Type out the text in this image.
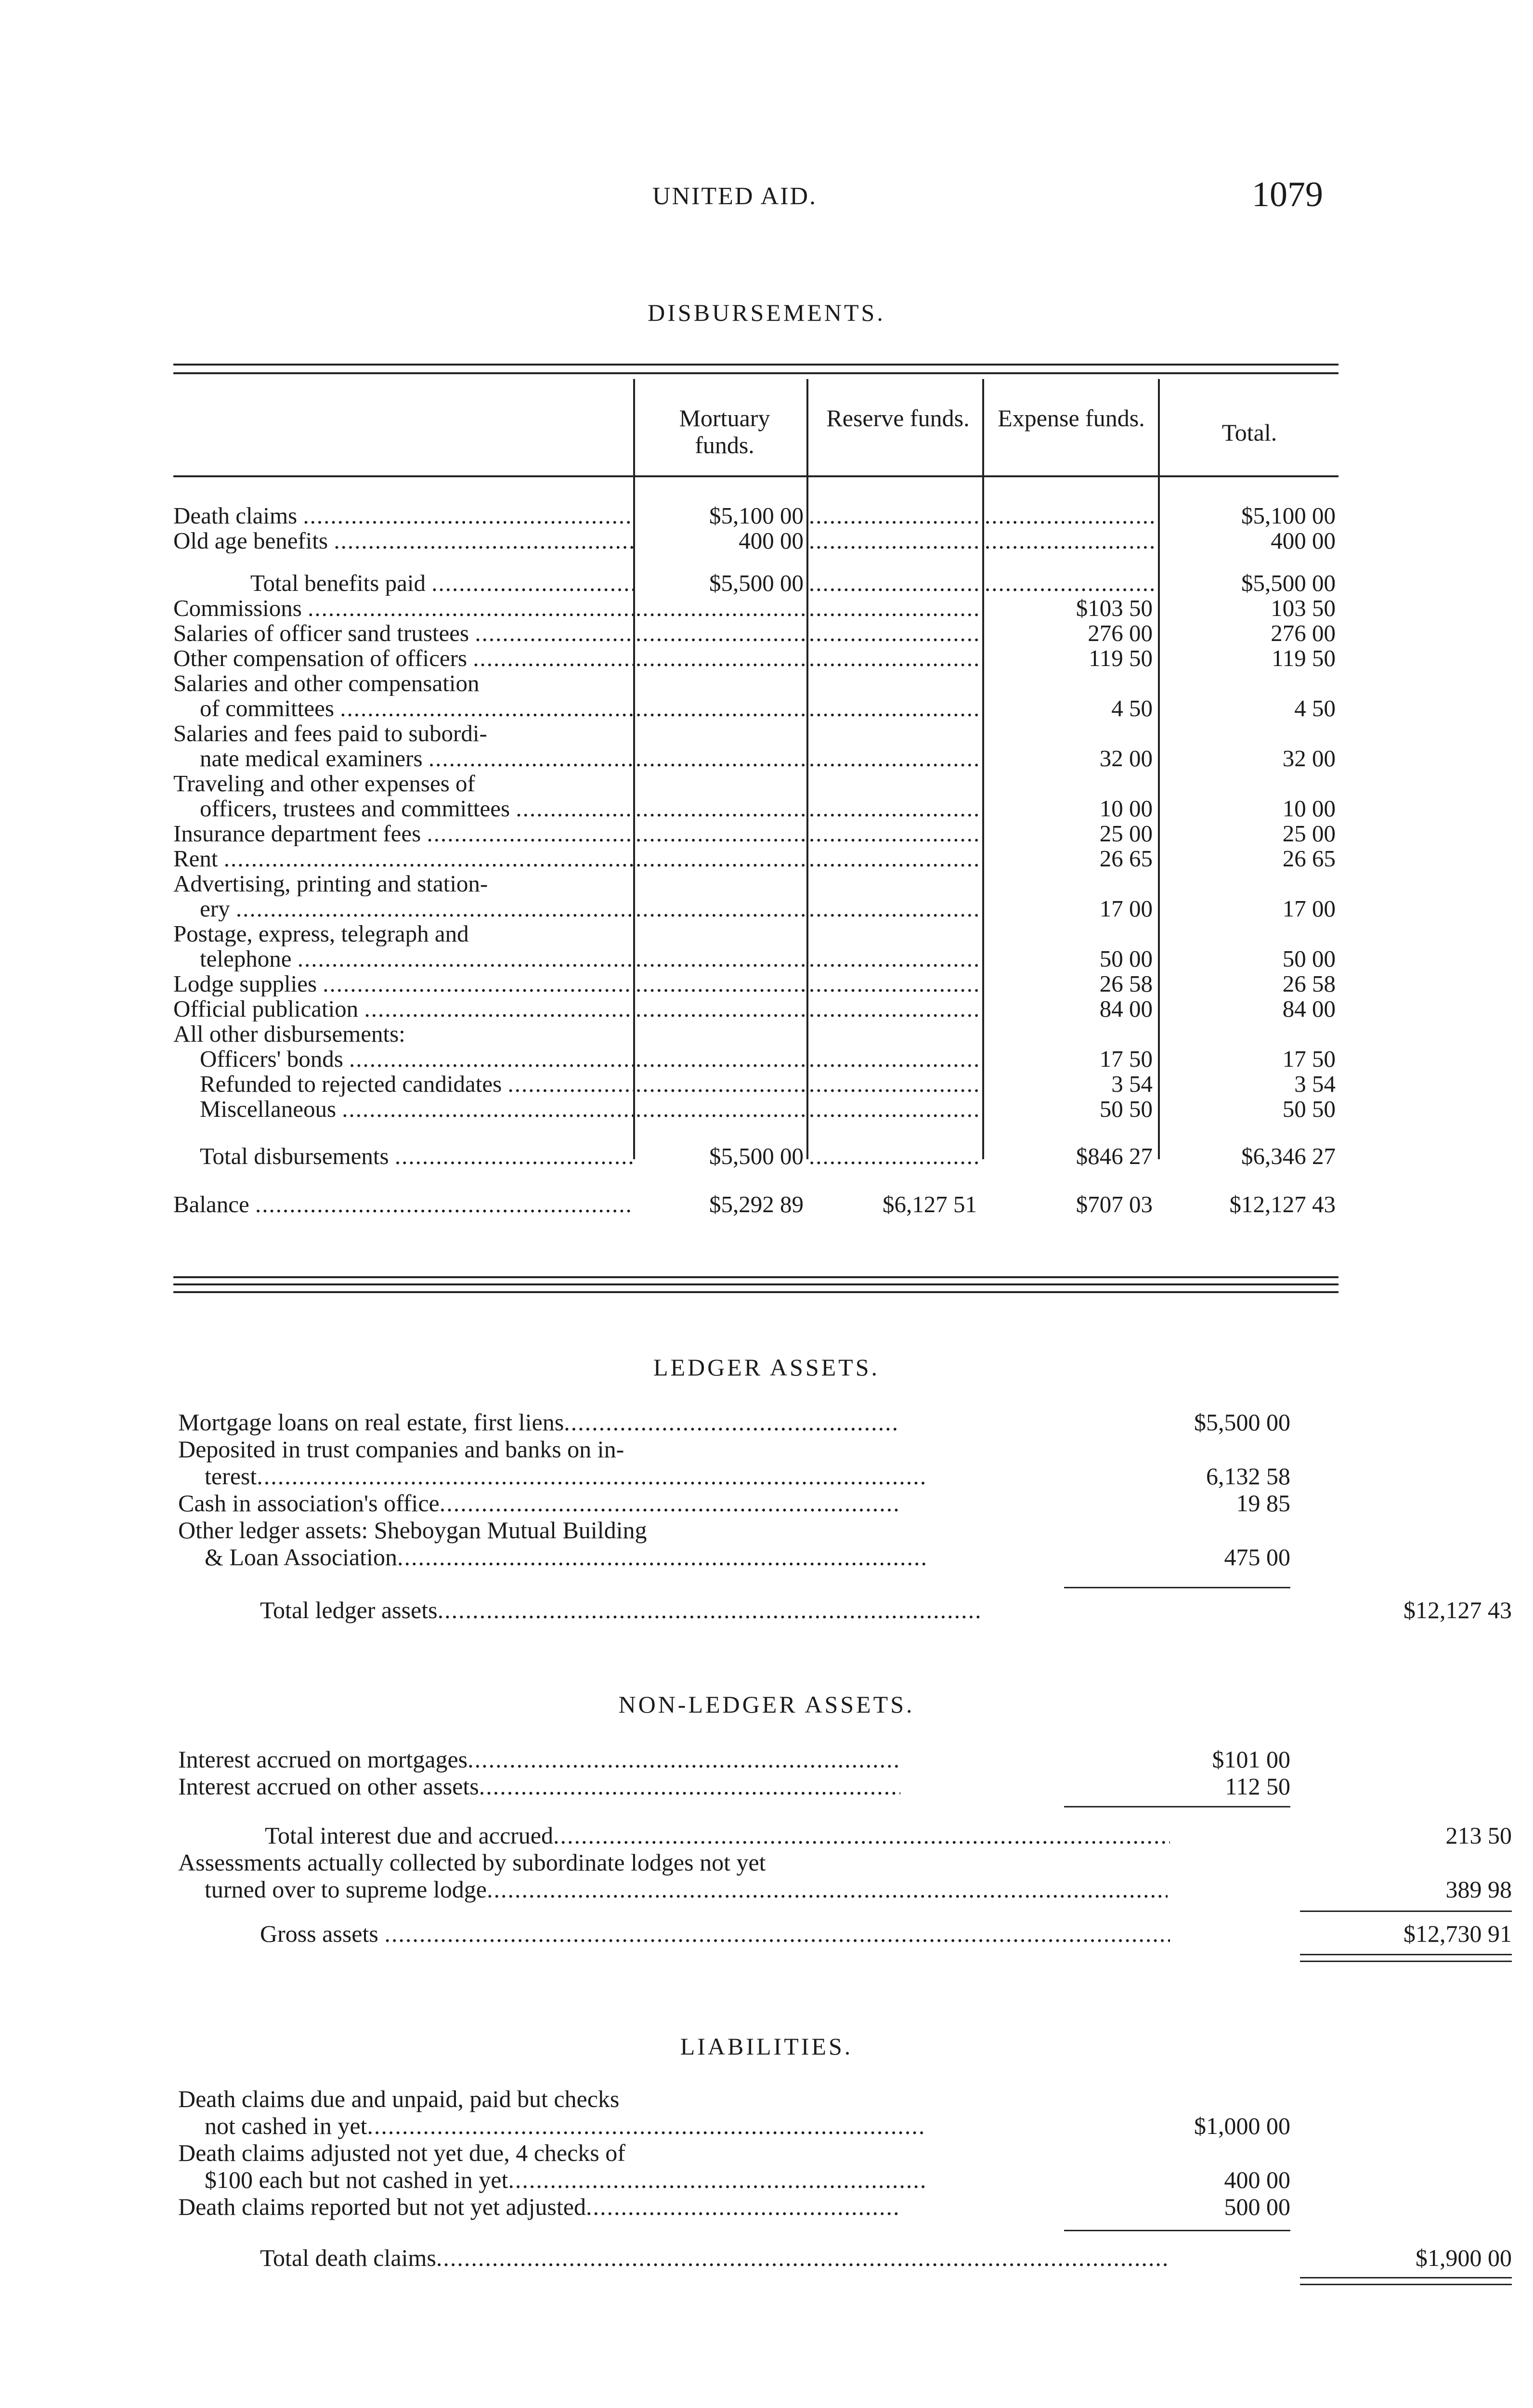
UNITED AID.	1079
DISBURSEMENTS.
Mortuary funds.
Reserve funds. Expense funds.
Total.
Death claims .....	$5,100 00 ..... .....	$5,100 00
Old age benefits .....	400 00 ..... .....	400 00
Total benefits paid .....	$5,500 00 ..... .....	$5,500 00
Commissions ..... ..... .....	$103 50	103 50
Salaries of officer sand trustees ..... ..... .....	276 00	276 00
Other compensation of officers ..... ..... .....	119 50	119 50
Salaries and other compensation
of committees ..... ..... .....	4 50	4 50
Salaries and fees paid to subordi-
nate medical examiners ..... ..... .....	32 00	32 00
Traveling and other expenses of
officers, trustees and committees ..... ..... .....	10 00	10 00
Insurance department fees ..... ..... .....	25 00	25 00
Rent ..... ..... .....	26 65	26 65
Advertising, printing and station-
ery ..... ..... .....	17 00	17 00
Postage, express, telegraph and
telephone ..... ..... .....	50 00	50 00
Lodge supplies ..... ..... .....	26 58	26 58
Official publication ..... ..... .....	84 00	84 00
All other disbursements:
Officers' bonds ..... ..... .....	17 50	17 50
Refunded to rejected candidates ..... ..... .....	3 54	3 54
Miscellaneous ..... ..... .....	50 50	50 50
Total disbursements .....	$5,500 00 .....	$846 27	$6,346 27
Balance .....	$5,292 89	$6,127 51	$707 03	$12,127 43
LEDGER ASSETS.
Mortgage loans on real estate, first liens .....	$5,500 00
Deposited in trust companies and banks on in-
terest .....	6,132 58
Cash in association's office .....	19 85
Other ledger assets: Sheboygan Mutual Building
& Loan Association .....	475 00
Total ledger assets .....	$12,127 43
NON-LEDGER ASSETS.
Interest accrued on mortgages .....	$101 00
Interest accrued on other assets .....	112 50
Total interest due and accrued .....	213 50
Assessments actually collected by subordinate lodges not yet
turned over to supreme lodge .....	389 98
Gross assets .....	$12,730 91
LIABILITIES.
Death claims due and unpaid, paid but checks
not cashed in yet .....	$1,000 00
Death claims adjusted not yet due, 4 checks of
$100 each but not cashed in yet .....	400 00
Death claims reported but not yet adjusted .....	500 00
Total death claims .....	$1,900 00
